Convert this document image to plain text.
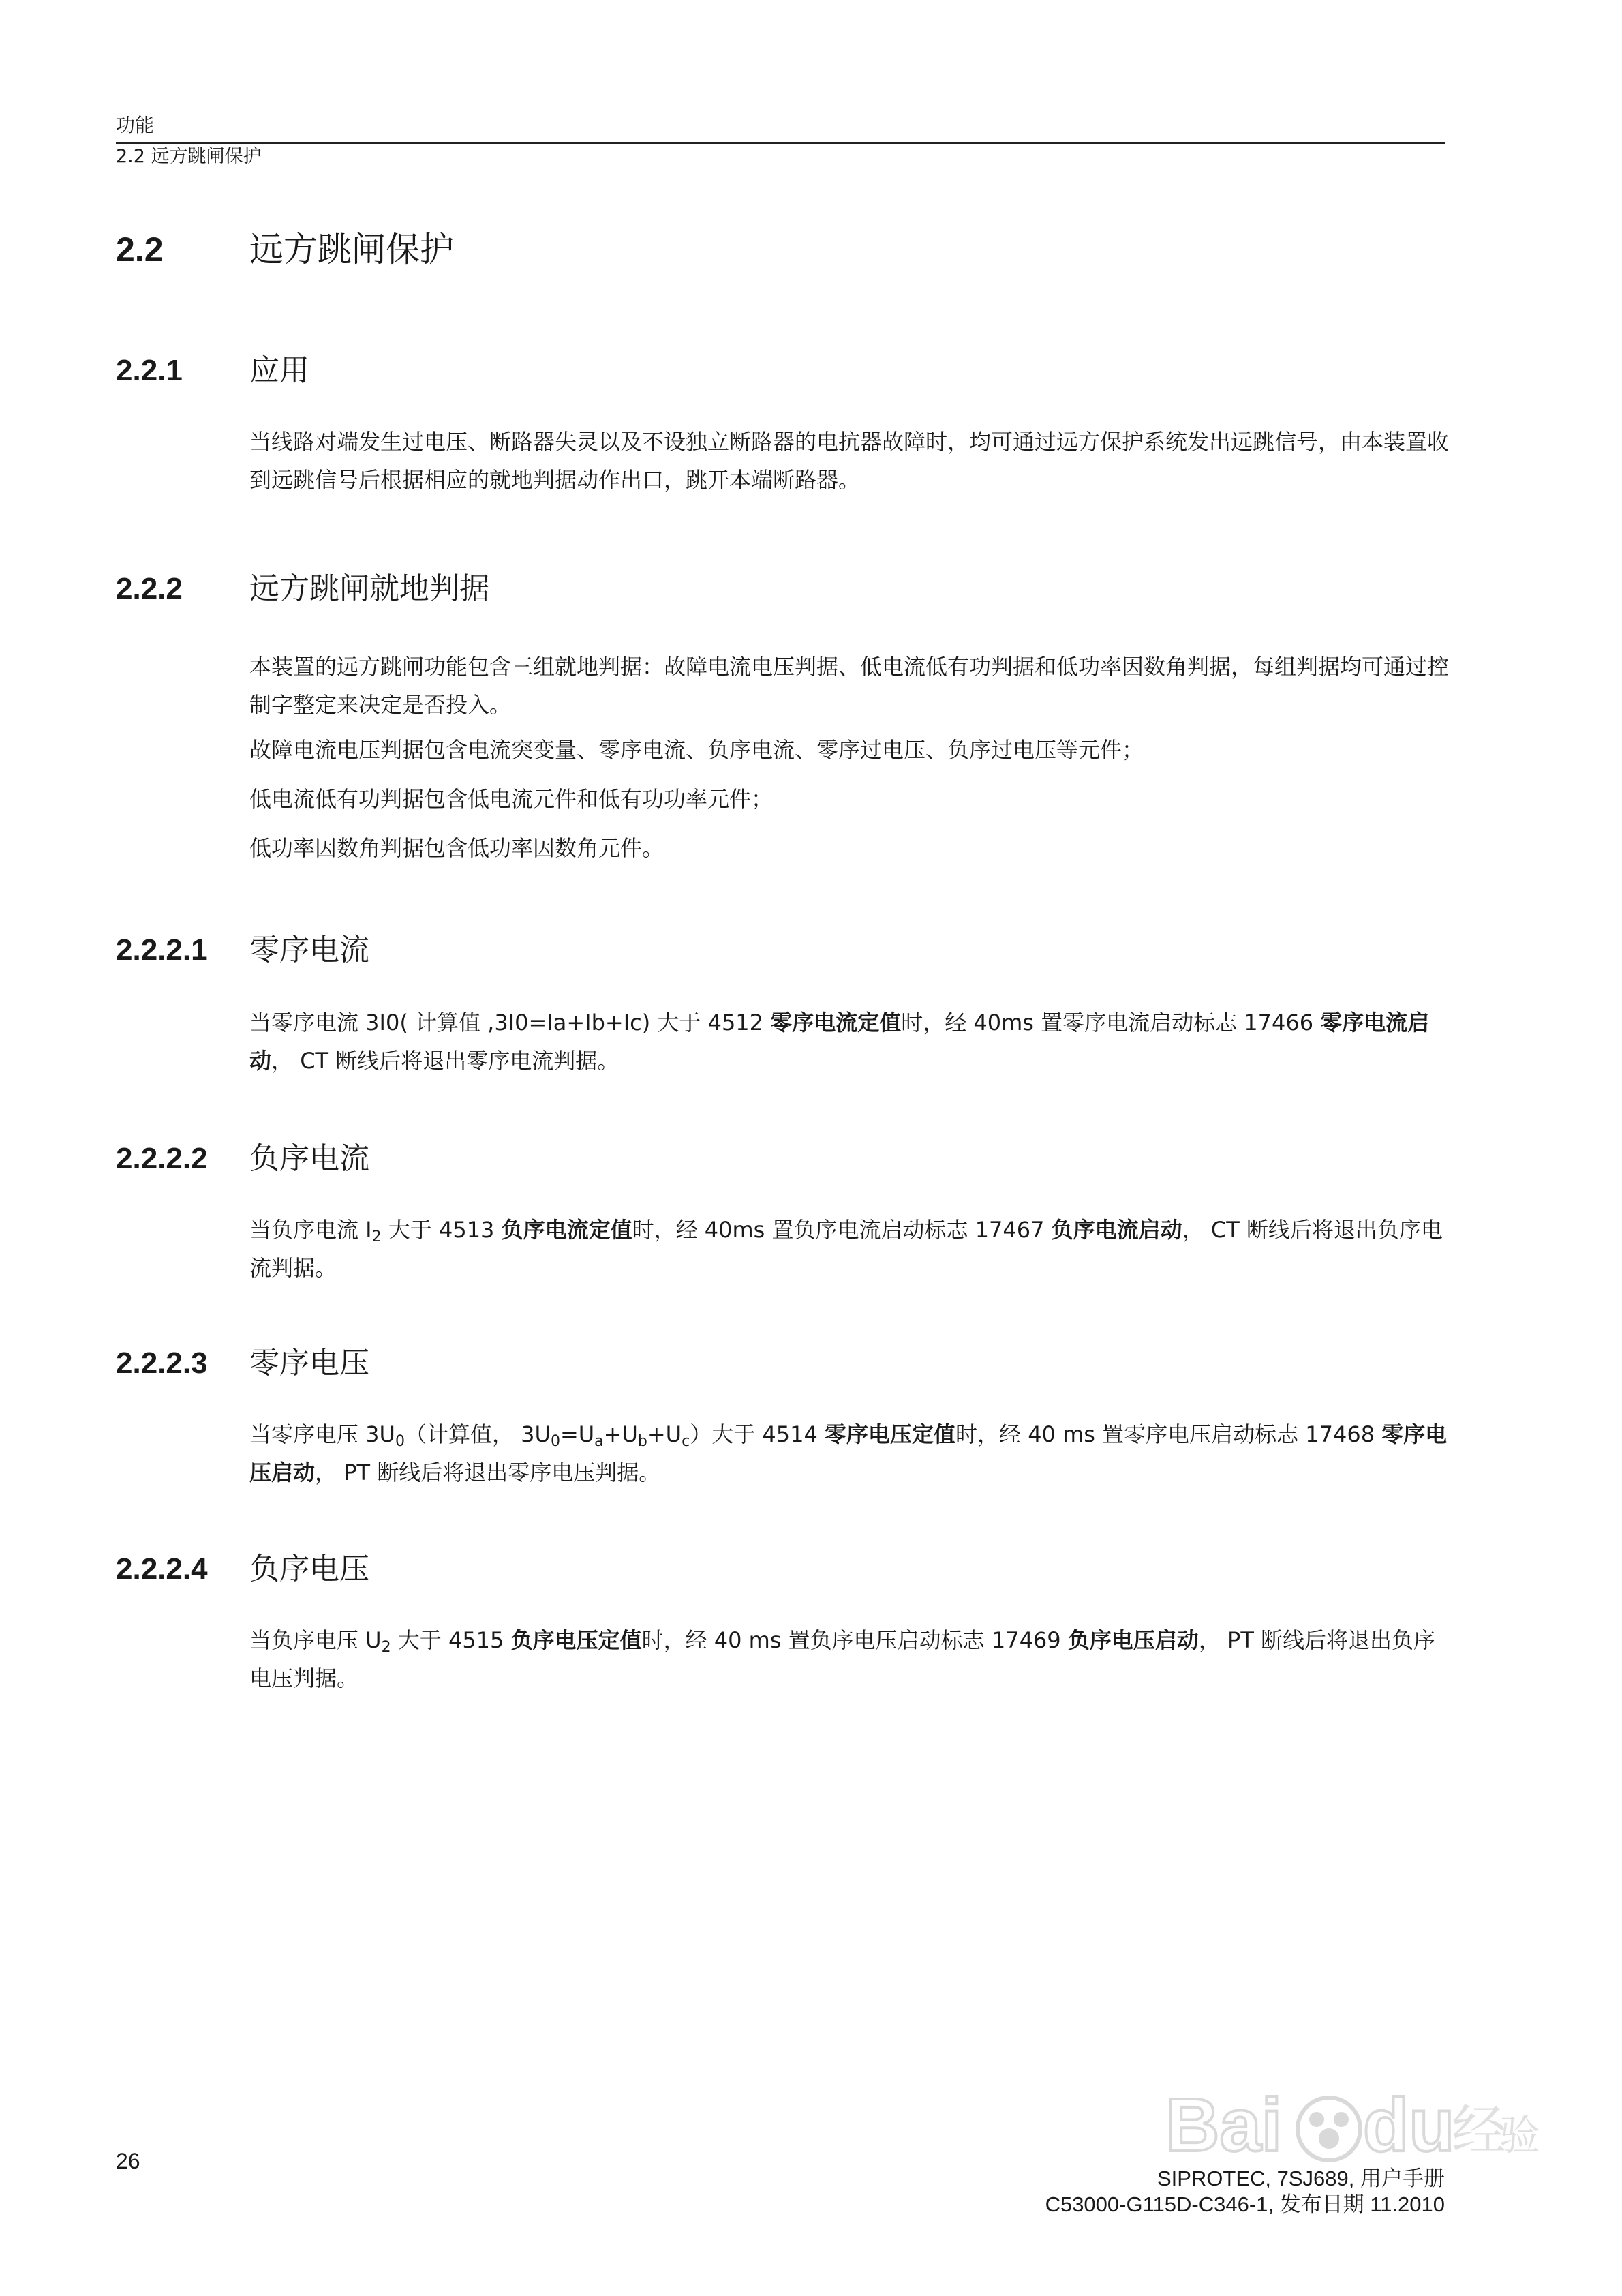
功能
2.2 远方跳闸保护
2.2	远方跳闸保护
2.2.1 应用
当线路对端发生过电压、断路器失灵以及不设独立断路器的电抗器故障时，均可通过远方保护系统发出远跳信号，由本装置收到远跳信号后根据相应的就地判据动作出口，跳开本端断路器。
2.2.2 远方跳闸就地判据
本装置的远方跳闸功能包含三组就地判据：故障电流电压判据、低电流低有功判据和低功率因数角判据，每组判据均可通过控制字整定来决定是否投入。
故障电流电压判据包含电流突变量、零序电流、负序电流、零序过电压、负序过电压等元件；
低电流低有功判据包含低电流元件和低有功功率元件；
低功率因数角判据包含低功率因数角元件。
2.2.2.1 零序电流
当零序电流 3I0( 计算值 ,3I0=Ia+Ib+Ic) 大于 4512 零序电流定值时，经 40ms 置零序电流启动标志 17466 零序电流启动， CT 断线后将退出零序电流判据。
2.2.2.2 负序电流
当负序电流 $I_2$ 大于 4513 负序电流定值时，经 40ms 置负序电流启动标志 17467 负序电流启动， CT 断线后将退出负序电流判据。
2.2.2.3 零序电压
当零序电压 $3U_0$（计算值， $3U_0=U_a+U_b+U_c$）大于 4514 零序电压定值时，经 40 ms 置零序电压启动标志 17468 零序电压启动， PT 断线后将退出零序电压判据。
2.2.2.4 负序电压
当负序电压 $U_2$ 大于 4515 负序电压定值时，经 40 ms 置负序电压启动标志 17469 负序电压启动， PT 断线后将退出负序电压判据。
Bai du
经
验
26
SIPROTEC, 7SJ689, 用户手册
C53000-G115D-C346-1, 发布日期 11.2010
